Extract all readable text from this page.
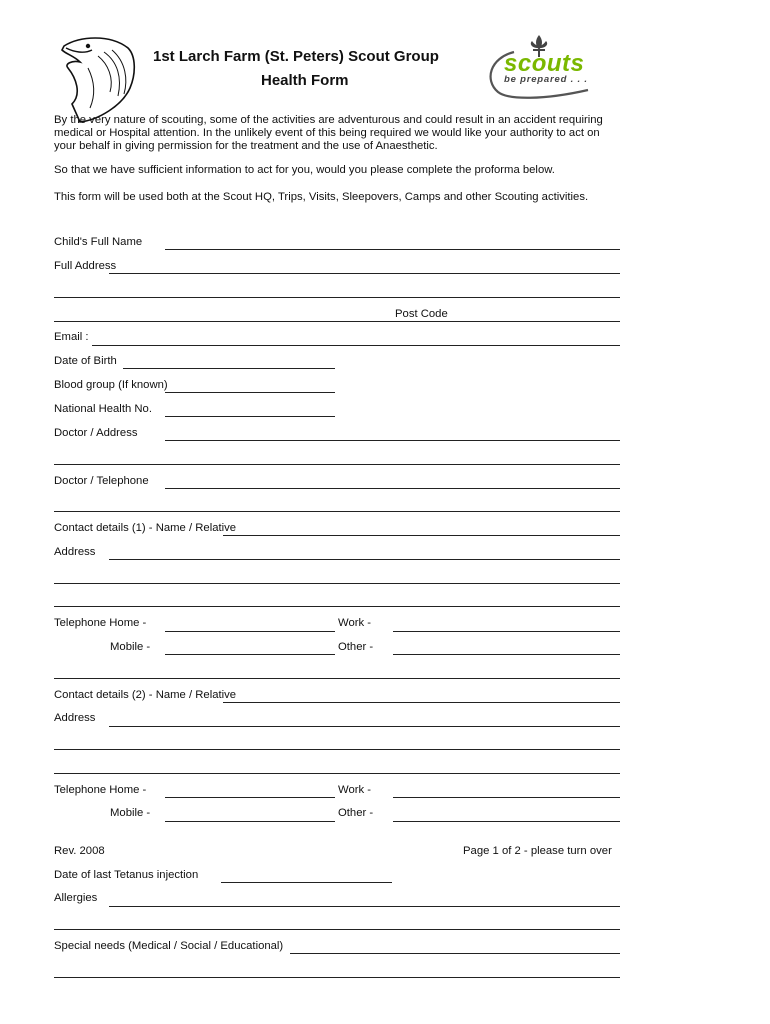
1st Larch Farm (St. Peters) Scout Group
Health Form
scouts
be prepared . . .
By the very nature of scouting, some of the activities are adventurous and could result in an accident requiring medical or Hospital attention. In the unlikely event of this being required we would like your authority to act on your behalf in giving permission for the treatment and the use of Anaesthetic.
So that we have sufficient information to act for you, would you please complete the proforma below.
This form will be used both at the Scout HQ, Trips, Visits, Sleepovers, Camps and other Scouting activities.
Child's Full Name
Full Address
Post Code
Email :
Date of Birth
Blood group (If known)
National Health No.
Doctor / Address
Doctor / Telephone
Contact details (1) - Name / Relative
Address
Telephone Home -	Work -
Mobile -	Other -
Contact details (2) - Name / Relative
Address
Telephone Home -	Work -
Mobile -	Other -
Rev. 2008	Page 1 of 2 - please turn over
Date of last Tetanus injection
Allergies
Special needs (Medical / Social / Educational)
